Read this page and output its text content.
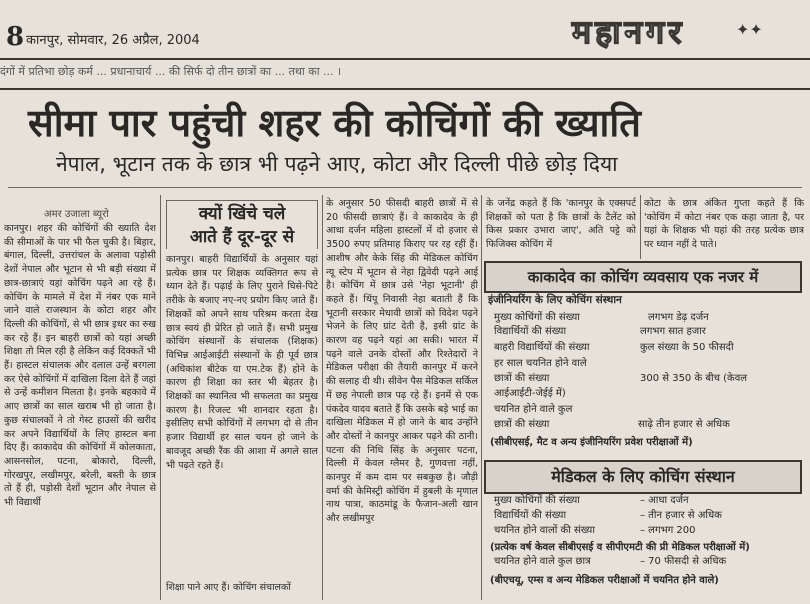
8 कानपुर, सोमवार, 26 अप्रैल, 2004	महानगर	✦✦
दंगों में प्रतिभा छोड़ कर्म ... प्रधानाचार्य ... की सिर्फ दो तीन छात्रों का ... तथा का ... ।
सीमा पार पहुंची शहर की कोचिंगों की ख्याति
नेपाल, भूटान तक के छात्र भी पढ़ने आए, कोटा और दिल्ली पीछे छोड़ दिया
अमर उजाला ब्यूरो
कानपुर। शहर की कोचिंगों की ख्याति देश की सीमाओं के पार भी फैल चुकी है। बिहार, बंगाल, दिल्ली, उत्तरांचल के अलावा पड़ोसी देशों नेपाल और भूटान से भी बड़ी संख्या में छात्र-छात्राएं यहां कोचिंग पढ़ने आ रहे हैं। कोचिंग के मामले में देश में नंबर एक माने जाने वाले राजस्थान के कोटा शहर और दिल्ली की कोचिंगों, से भी छात्र इधर का रुख कर रहे हैं। इन बाहरी छात्रों को यहां अच्छी शिक्षा तो मिल रही है लेकिन कई दिक्कतें भी हैं। हास्टल संचालक और दलाल उन्हें बरगला कर ऐसे कोचिंगों में दाखिला दिला देते हैं जहां से उन्हें कमीशन मिलता है। इनके बहकावे में आए छात्रों का साल खराब भी हो जाता है। कुछ संचालकों ने तो गेस्ट हाउसों की खरीद कर अपने विद्यार्थियों के लिए हास्टल बना दिए हैं। काकादेव की कोचिंगों में कोलकाता, आसनसोल, पटना, बोकारो, दिल्ली, गोरखपुर, लखीमपुर, बरेली, बस्ती के छात्र तो हैं ही, पड़ोसी देशों भूटान और नेपाल से भी विद्यार्थी
क्यों खिंचे चले
आते हैं दूर-दूर से
कानपुर। बाहरी विद्यार्थियों के अनुसार यहां प्रत्येक छात्र पर शिक्षक व्यक्तिगत रूप से ध्यान देते हैं। पढ़ाई के लिए पुराने घिसे-पिटे तरीके के बजाए नए-नए प्रयोग किए जाते हैं। शिक्षकों को अपने साथ परिश्रम करता देख छात्र स्वयं ही प्रेरित हो जाते हैं। सभी प्रमुख कोचिंग संस्थानों के संचालक (शिक्षक) विभिन्न आईआईटी संस्थानों के ही पूर्व छात्र (अधिकांश बीटेक या एम.टेक हैं) होने के कारण ही शिक्षा का स्तर भी बेहतर है। शिक्षकों का स्थानित्व भी सफलता का प्रमुख कारण है। रिजल्ट भी शानदार रहता है। इसीलिए सभी कोचिंगों में लगभग दो से तीन हजार विद्यार्थी हर साल चयन हो जाने के बावजूद अच्छी रैंक की आशा में अगले साल भी पढ़ते रहते हैं।
शिक्षा पाने आए हैं। कोचिंग संचालकों
के अनुसार 50 फीसदी बाहरी छात्रों में से 20 फीसदी छात्राएं हैं। वे काकादेव के ही आधा दर्जन महिला हास्टलों में दो हजार से 3500 रुपए प्रतिमाह किराए पर रह रहीं हैं। आशीष और केके सिंह की मेडिकल कोचिंग न्यू स्टेप में भूटान से नेहा द्विवेदी पढ़ने आई है। कोचिंग में छात्र उसे 'नेहा भूटानी' ही कहते हैं। थिंपू निवासी नेहा बताती हैं कि भूटानी सरकार मेधावी छात्रों को विदेश पढ़ने भेजने के लिए ग्रांट देती है, इसी ग्रांट के कारण वह पढ़ने यहां आ सकी। भारत में पढ़ने वाले उनके दोस्तों और रिश्तेदारों ने मेडिकल परीक्षा की तैयारी कानपुर में करने की सलाह दी थी। सीवेन पैस मेडिकल सर्किल में छह नेपाली छात्र पढ़ रहे हैं। इनमें से एक पंकदेव यादव बताते हैं कि उसके बड़े भाई का दाखिला मेडिकल में हो जाने के बाद उन्होंने और दोस्तों ने कानपुर आकर पढ़ने की ठानी। पटना की निधि सिंह के अनुसार पटना, दिल्ली में केवल ग्लैमर है, गुणवत्ता नहीं, कानपुर में कम दाम पर सबकुछ है। जौड़ी वर्मा की केमिस्ट्री कोचिंग में हुबली के मृणाल नाथ पात्रा, काठमांडू के फैजान-अली खान और लखीमपुर
के जनेंद्र कहते हैं कि 'कानपुर के एक्सपर्ट शिक्षकों को पता है कि छात्रों के टैलेंट को किस प्रकार उभारा जाए', अति पट्टे को फिजिक्स कोचिंग में
कोटा के छात्र अंकित गुप्ता कहते हैं कि 'कोचिंग में कोटा नंबर एक कहा जाता है, पर यहां के शिक्षक भी यहां की तरह प्रत्येक छात्र पर ध्यान नहीं दे पाते।
काकादेव का कोचिंग व्यवसाय एक नजर में
इंजीनियरिंग के लिए कोचिंग संस्थान
मुख्य कोचिंगों की संख्या	लगभग डेढ़ दर्जन
विद्यार्थियों की संख्या	लगभग सात हजार
बाहरी विद्यार्थियों की संख्या	कुल संख्या के 50 फीसदी
हर साल चयनित होने वाले
छात्रों की संख्या	300 से 350 के बीच (केवल
आईआईटी-जेईई में)
चयनित होने वाले कुल
छात्रों की संख्या	साढ़े तीन हजार से अधिक
(सीबीएसई, मैट व अन्य इंजीनियरिंग प्रवेश परीक्षाओं में)
मेडिकल के लिए कोचिंग संस्थान
मुख्य कोचिंगों की संख्या	– आधा दर्जन
विद्यार्थियों की संख्या	– तीन हजार से अधिक
चयनित होने वालों की संख्या	– लगभग 200
(प्रत्येक वर्ष केवल सीबीएसई व सीपीएमटी की प्री मेडिकल परीक्षाओं में)
चयनित होने वाले कुल छात्र	– 70 फीसदी से अधिक
(बीएचयू, एम्स व अन्य मेडिकल परीक्षाओं में चयनित होने वाले)
